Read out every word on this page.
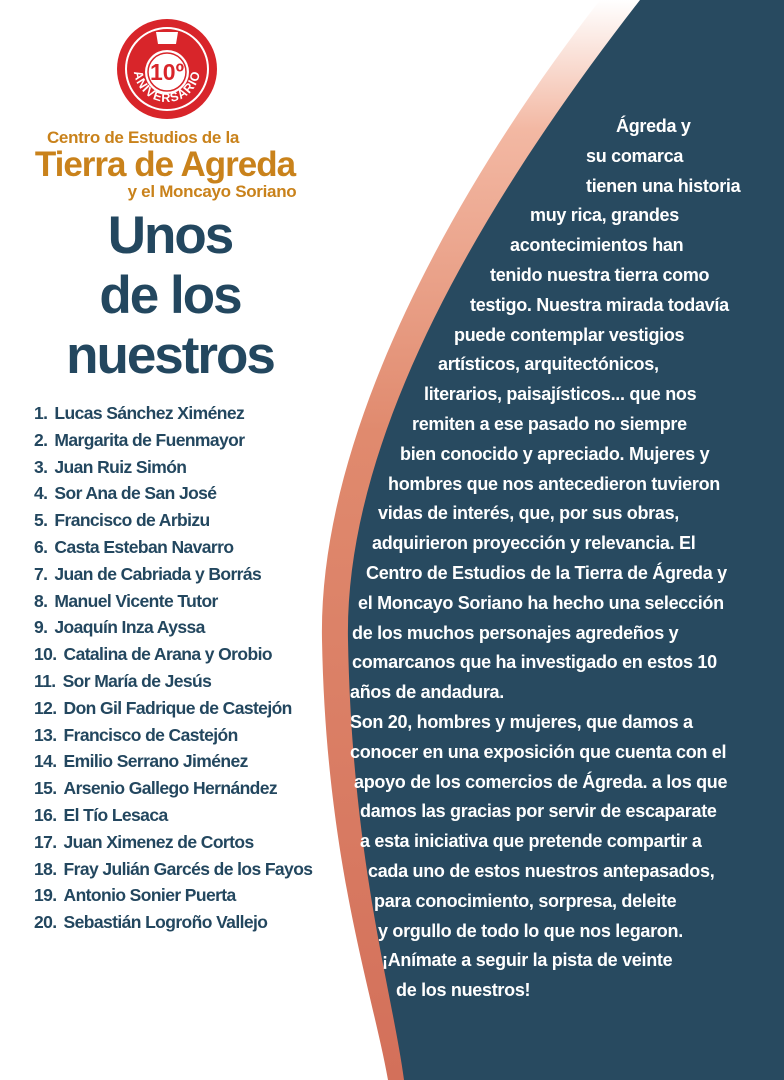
ANIVERSARIO
10º
Centro de Estudios de la
Tierra de Agreda
y el Moncayo Soriano
Unos
de los
nuestros
1. Lucas Sánchez Ximénez
2. Margarita de Fuenmayor
3. Juan Ruiz Simón
4. Sor Ana de San José
5. Francisco de Arbizu
6. Casta Esteban Navarro
7. Juan de Cabriada y Borrás
8. Manuel Vicente Tutor
9. Joaquín Inza Ayssa
10. Catalina de Arana y Orobio
11. Sor María de Jesús
12. Don Gil Fadrique de Castejón
13. Francisco de Castejón
14. Emilio Serrano Jiménez
15. Arsenio Gallego Hernández
16. El Tío Lesaca
17. Juan Ximenez de Cortos
18. Fray Julián Garcés de los Fayos
19. Antonio Sonier Puerta
20. Sebastián Logroño Vallejo
Ágreda y
su comarca
tienen una historia
muy rica, grandes
acontecimientos han
tenido nuestra tierra como
testigo. Nuestra mirada todavía
puede contemplar vestigios
artísticos, arquitectónicos,
literarios, paisajísticos... que nos
remiten a ese pasado no siempre
bien conocido y apreciado. Mujeres y
hombres que nos antecedieron tuvieron
vidas de interés, que, por sus obras,
adquirieron proyección y relevancia. El
Centro de Estudios de la Tierra de Ágreda y
el Moncayo Soriano ha hecho una selección
de los muchos personajes agredeños y
comarcanos que ha investigado en estos 10
años de andadura.
Son 20, hombres y mujeres, que damos a
conocer en una exposición que cuenta con el
apoyo de los comercios de Ágreda. a los que
damos las gracias por servir de escaparate
a esta iniciativa que pretende compartir a
cada uno de estos nuestros antepasados,
para conocimiento, sorpresa, deleite
y orgullo de todo lo que nos legaron.
¡Anímate a seguir la pista de veinte
de los nuestros!
